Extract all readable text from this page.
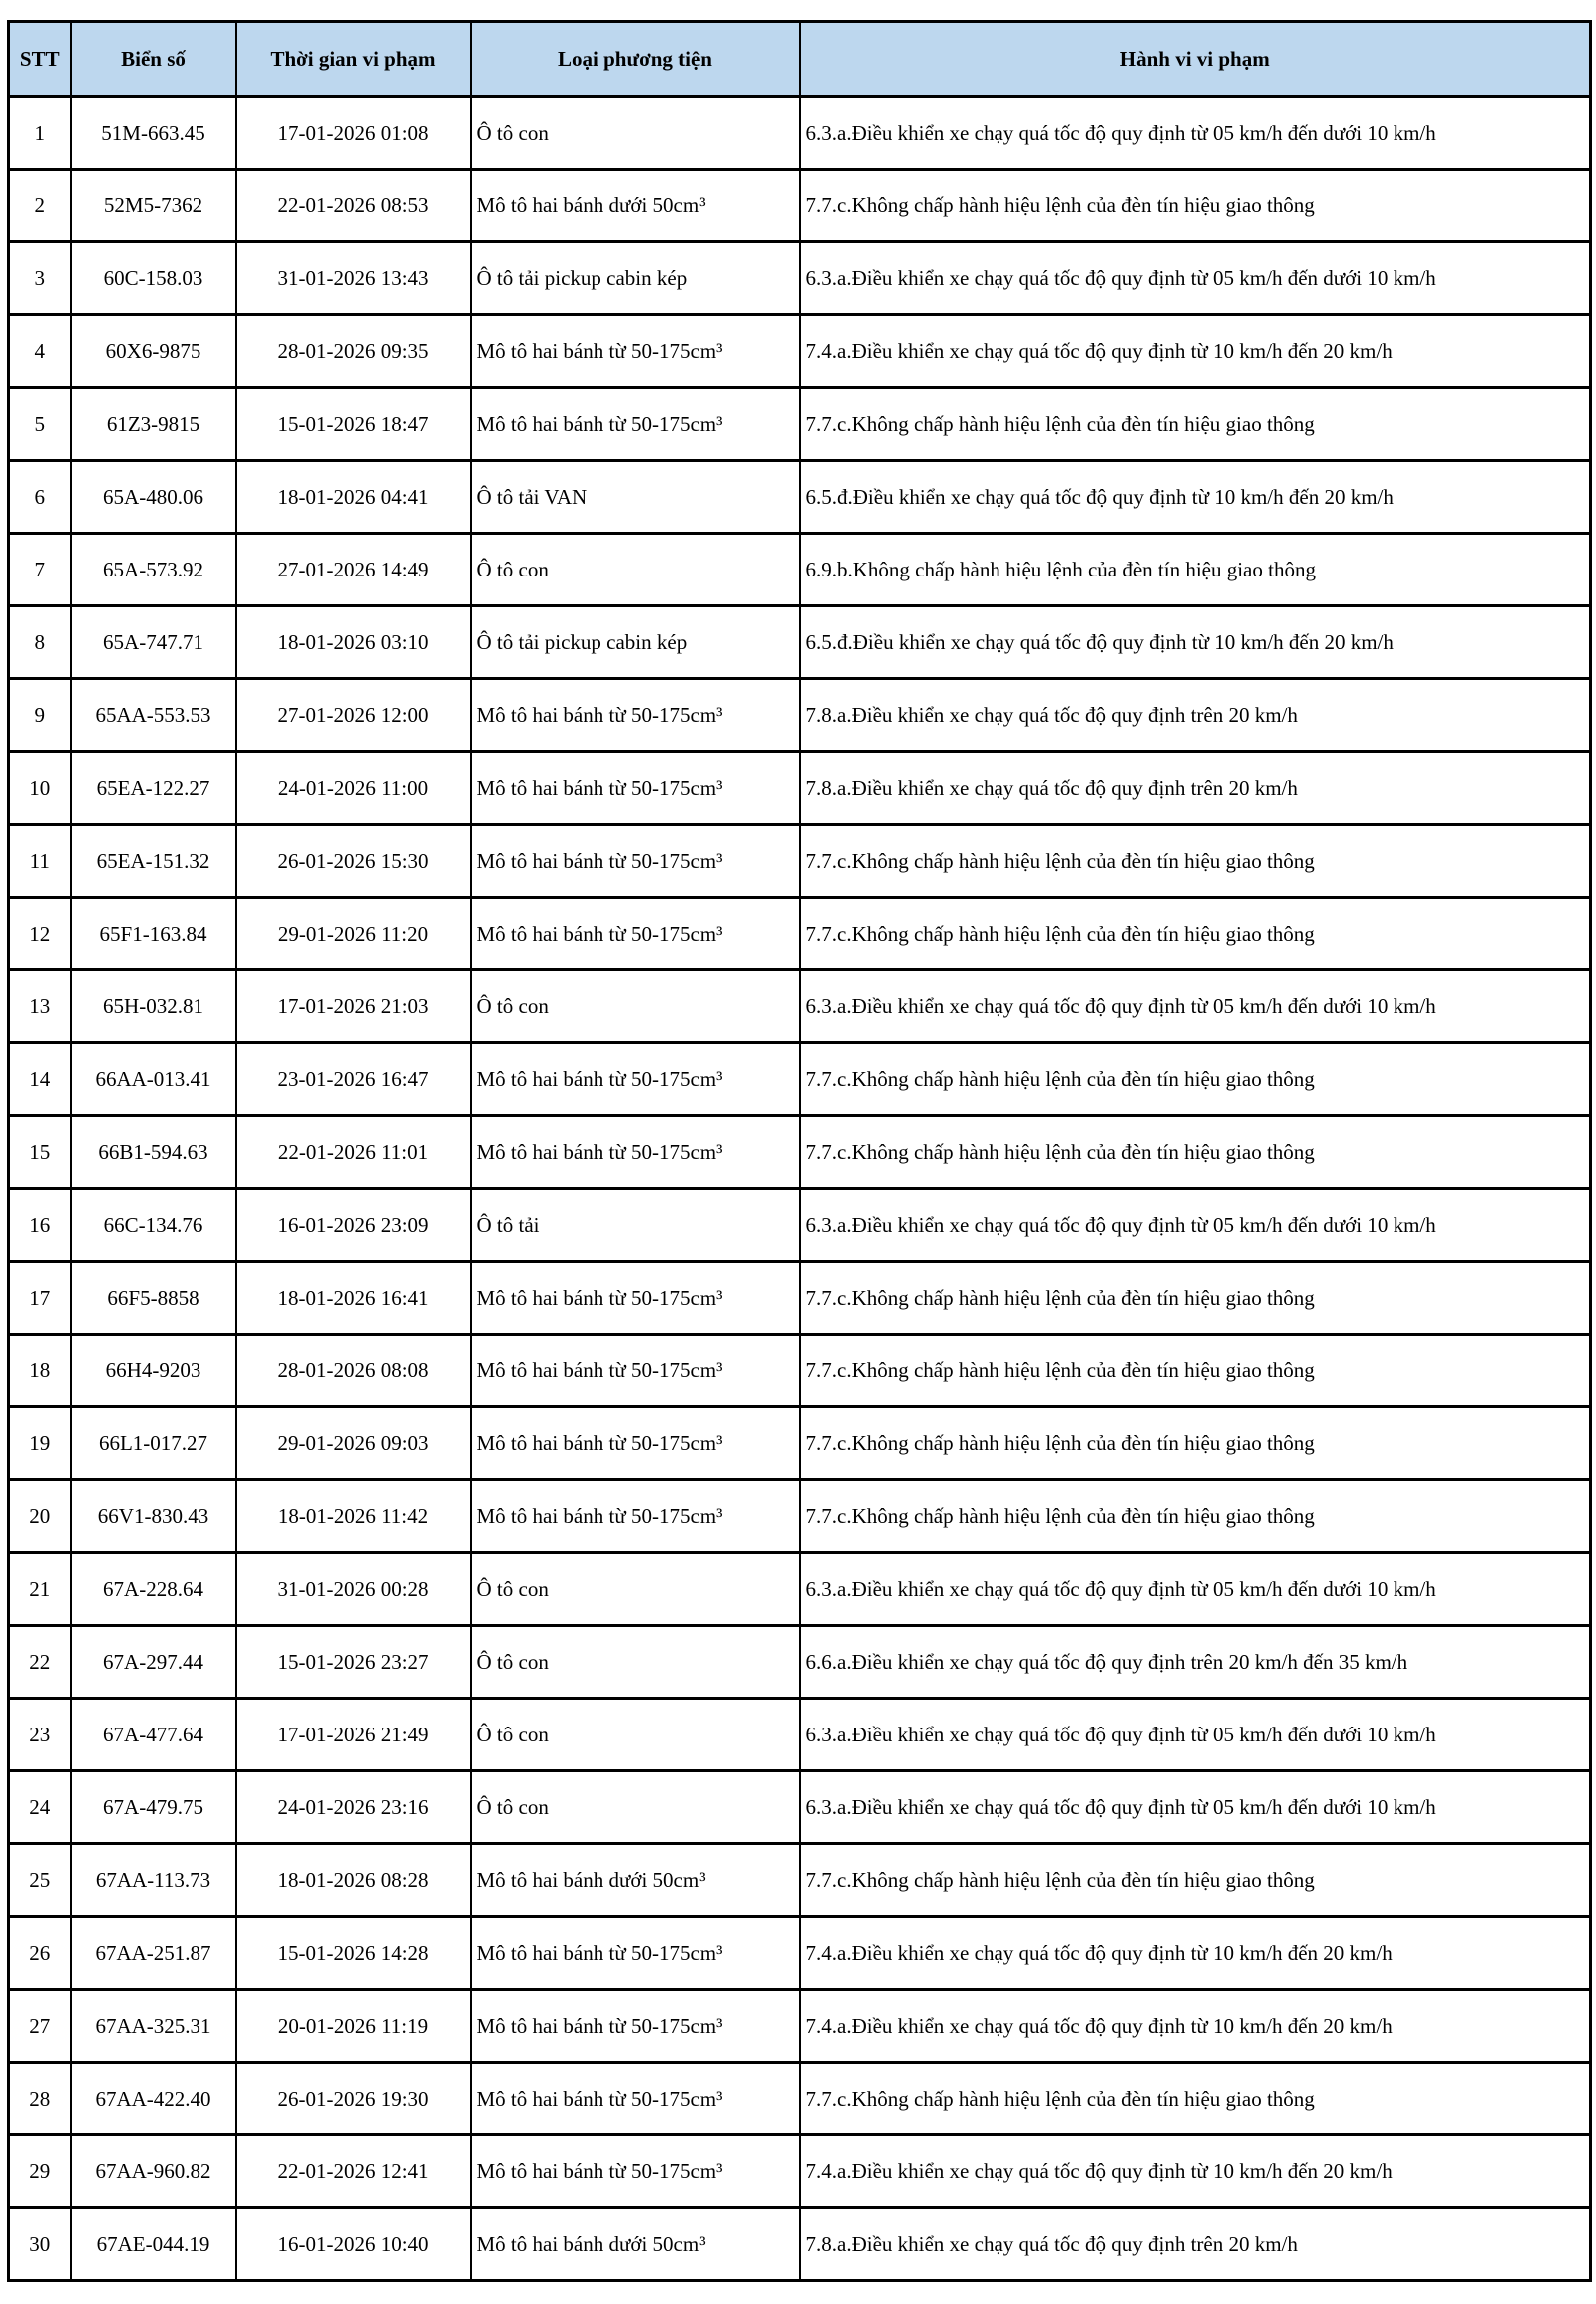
STT	Biển số	Thời gian vi phạm	Loại phương tiện	Hành vi vi phạm
1	51M-663.45	17-01-2026 01:08	Ô tô con	6.3.a.Điều khiển xe chạy quá tốc độ quy định từ 05 km/h đến dưới 10 km/h
2	52M5-7362	22-01-2026 08:53	Mô tô hai bánh dưới 50cm³	7.7.c.Không chấp hành hiệu lệnh của đèn tín hiệu giao thông
3	60C-158.03	31-01-2026 13:43	Ô tô tải pickup cabin kép	6.3.a.Điều khiển xe chạy quá tốc độ quy định từ 05 km/h đến dưới 10 km/h
4	60X6-9875	28-01-2026 09:35	Mô tô hai bánh từ 50-175cm³	7.4.a.Điều khiển xe chạy quá tốc độ quy định từ 10 km/h đến 20 km/h
5	61Z3-9815	15-01-2026 18:47	Mô tô hai bánh từ 50-175cm³	7.7.c.Không chấp hành hiệu lệnh của đèn tín hiệu giao thông
6	65A-480.06	18-01-2026 04:41	Ô tô tải VAN	6.5.đ.Điều khiển xe chạy quá tốc độ quy định từ 10 km/h đến 20 km/h
7	65A-573.92	27-01-2026 14:49	Ô tô con	6.9.b.Không chấp hành hiệu lệnh của đèn tín hiệu giao thông
8	65A-747.71	18-01-2026 03:10	Ô tô tải pickup cabin kép	6.5.đ.Điều khiển xe chạy quá tốc độ quy định từ 10 km/h đến 20 km/h
9	65AA-553.53	27-01-2026 12:00	Mô tô hai bánh từ 50-175cm³	7.8.a.Điều khiển xe chạy quá tốc độ quy định trên 20 km/h
10	65EA-122.27	24-01-2026 11:00	Mô tô hai bánh từ 50-175cm³	7.8.a.Điều khiển xe chạy quá tốc độ quy định trên 20 km/h
11	65EA-151.32	26-01-2026 15:30	Mô tô hai bánh từ 50-175cm³	7.7.c.Không chấp hành hiệu lệnh của đèn tín hiệu giao thông
12	65F1-163.84	29-01-2026 11:20	Mô tô hai bánh từ 50-175cm³	7.7.c.Không chấp hành hiệu lệnh của đèn tín hiệu giao thông
13	65H-032.81	17-01-2026 21:03	Ô tô con	6.3.a.Điều khiển xe chạy quá tốc độ quy định từ 05 km/h đến dưới 10 km/h
14	66AA-013.41	23-01-2026 16:47	Mô tô hai bánh từ 50-175cm³	7.7.c.Không chấp hành hiệu lệnh của đèn tín hiệu giao thông
15	66B1-594.63	22-01-2026 11:01	Mô tô hai bánh từ 50-175cm³	7.7.c.Không chấp hành hiệu lệnh của đèn tín hiệu giao thông
16	66C-134.76	16-01-2026 23:09	Ô tô tải	6.3.a.Điều khiển xe chạy quá tốc độ quy định từ 05 km/h đến dưới 10 km/h
17	66F5-8858	18-01-2026 16:41	Mô tô hai bánh từ 50-175cm³	7.7.c.Không chấp hành hiệu lệnh của đèn tín hiệu giao thông
18	66H4-9203	28-01-2026 08:08	Mô tô hai bánh từ 50-175cm³	7.7.c.Không chấp hành hiệu lệnh của đèn tín hiệu giao thông
19	66L1-017.27	29-01-2026 09:03	Mô tô hai bánh từ 50-175cm³	7.7.c.Không chấp hành hiệu lệnh của đèn tín hiệu giao thông
20	66V1-830.43	18-01-2026 11:42	Mô tô hai bánh từ 50-175cm³	7.7.c.Không chấp hành hiệu lệnh của đèn tín hiệu giao thông
21	67A-228.64	31-01-2026 00:28	Ô tô con	6.3.a.Điều khiển xe chạy quá tốc độ quy định từ 05 km/h đến dưới 10 km/h
22	67A-297.44	15-01-2026 23:27	Ô tô con	6.6.a.Điều khiển xe chạy quá tốc độ quy định trên 20 km/h đến 35 km/h
23	67A-477.64	17-01-2026 21:49	Ô tô con	6.3.a.Điều khiển xe chạy quá tốc độ quy định từ 05 km/h đến dưới 10 km/h
24	67A-479.75	24-01-2026 23:16	Ô tô con	6.3.a.Điều khiển xe chạy quá tốc độ quy định từ 05 km/h đến dưới 10 km/h
25	67AA-113.73	18-01-2026 08:28	Mô tô hai bánh dưới 50cm³	7.7.c.Không chấp hành hiệu lệnh của đèn tín hiệu giao thông
26	67AA-251.87	15-01-2026 14:28	Mô tô hai bánh từ 50-175cm³	7.4.a.Điều khiển xe chạy quá tốc độ quy định từ 10 km/h đến 20 km/h
27	67AA-325.31	20-01-2026 11:19	Mô tô hai bánh từ 50-175cm³	7.4.a.Điều khiển xe chạy quá tốc độ quy định từ 10 km/h đến 20 km/h
28	67AA-422.40	26-01-2026 19:30	Mô tô hai bánh từ 50-175cm³	7.7.c.Không chấp hành hiệu lệnh của đèn tín hiệu giao thông
29	67AA-960.82	22-01-2026 12:41	Mô tô hai bánh từ 50-175cm³	7.4.a.Điều khiển xe chạy quá tốc độ quy định từ 10 km/h đến 20 km/h
30	67AE-044.19	16-01-2026 10:40	Mô tô hai bánh dưới 50cm³	7.8.a.Điều khiển xe chạy quá tốc độ quy định trên 20 km/h
